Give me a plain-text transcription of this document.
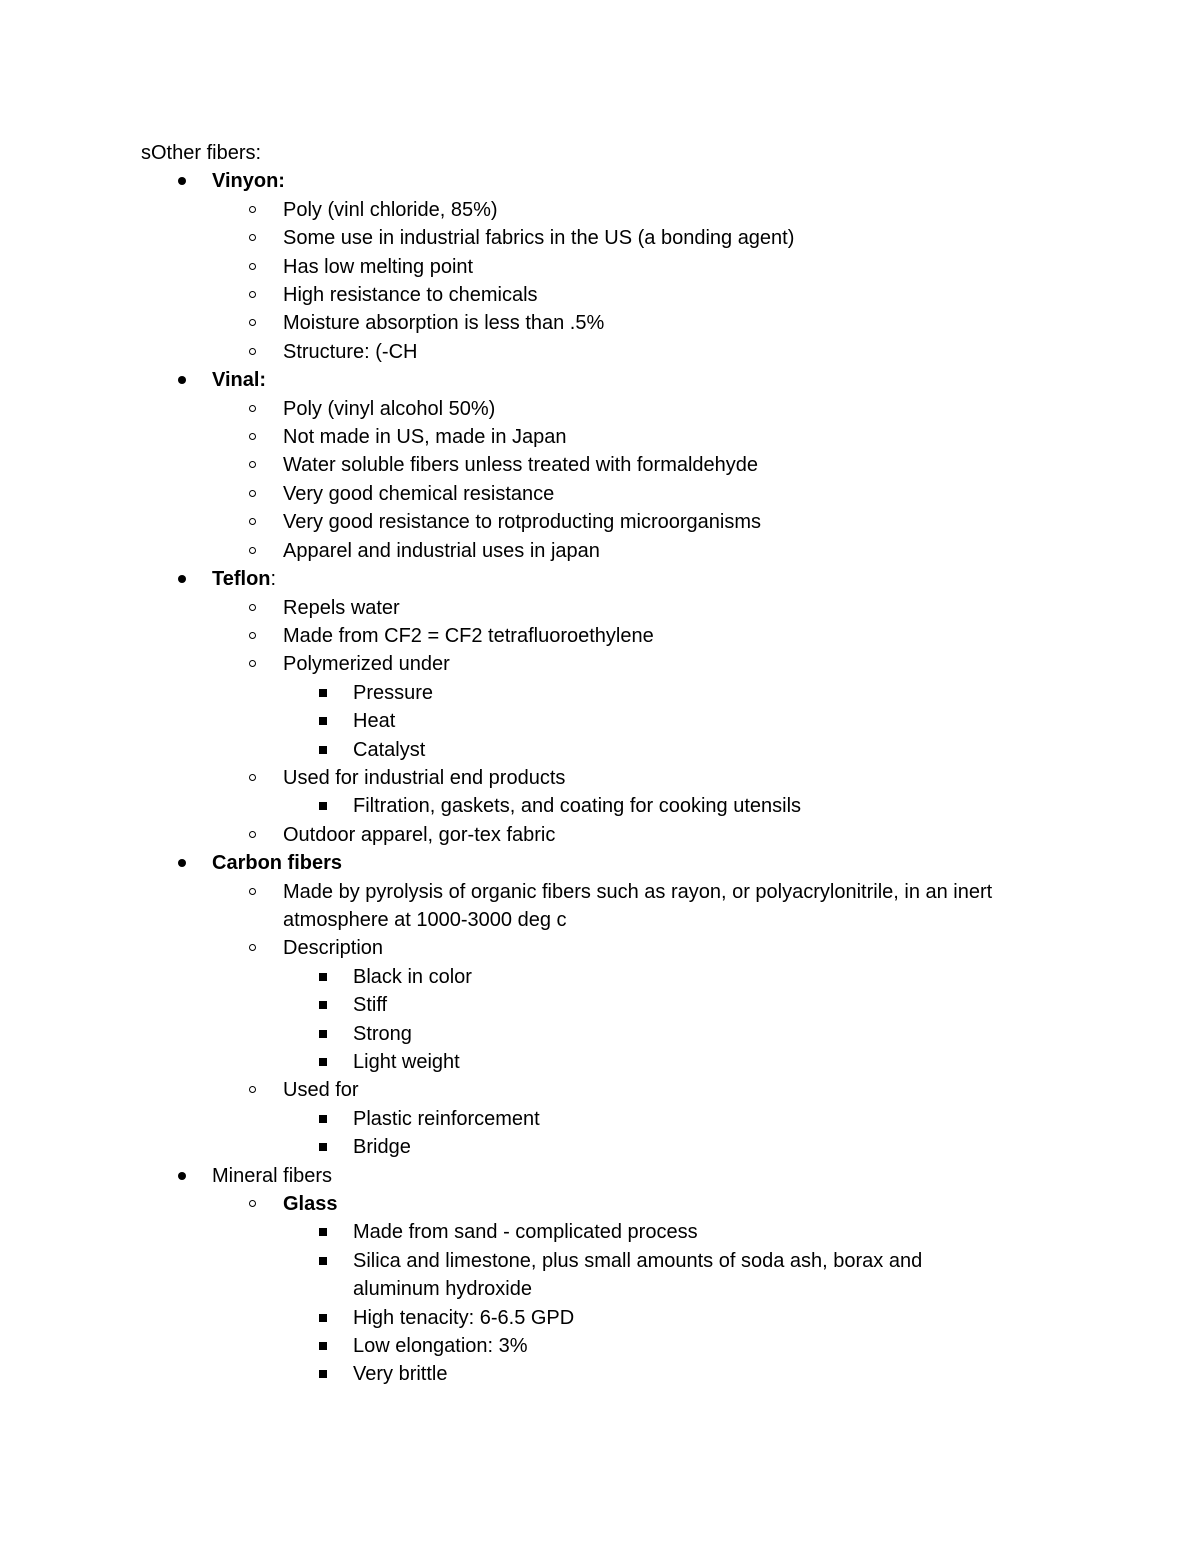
sOther fibers:
Vinyon:
Poly (vinl chloride, 85%)
Some use in industrial fabrics in the US (a bonding agent)
Has low melting point
High resistance to chemicals
Moisture absorption is less than .5%
Structure: (-CH
Vinal:
Poly (vinyl alcohol 50%)
Not made in US, made in Japan
Water soluble fibers unless treated with formaldehyde
Very good chemical resistance
Very good resistance to rotproducting microorganisms
Apparel and industrial uses in japan
Teflon:
Repels water
Made from CF2 = CF2 tetrafluoroethylene
Polymerized under
Pressure
Heat
Catalyst
Used for industrial end products
Filtration, gaskets, and coating for cooking utensils
Outdoor apparel, gor-tex fabric
Carbon fibers
Made by pyrolysis of organic fibers such as rayon, or polyacrylonitrile, in an inert
atmosphere at 1000-3000 deg c
Description
Black in color
Stiff
Strong
Light weight
Used for
Plastic reinforcement
Bridge
Mineral fibers
Glass
Made from sand - complicated process
Silica and limestone, plus small amounts of soda ash, borax and
aluminum hydroxide
High tenacity: 6-6.5 GPD
Low elongation: 3%
Very brittle
